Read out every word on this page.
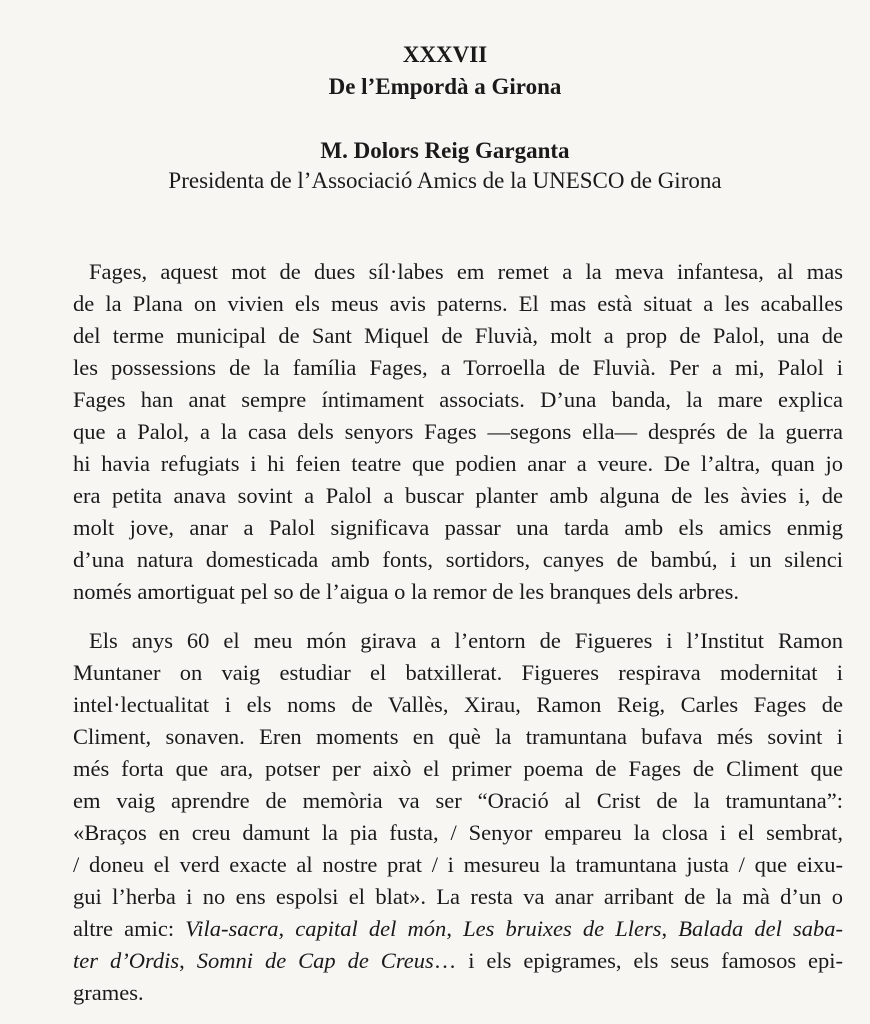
XXXVII
De l’Empordà a Girona
M. Dolors Reig Garganta
Presidenta de l’Associació Amics de la UNESCO de Girona
Fages, aquest mot de dues síl·labes em remet a la meva infantesa, al mas
de la Plana on vivien els meus avis paterns. El mas està situat a les acaballes
del terme municipal de Sant Miquel de Fluvià, molt a prop de Palol, una de
les possessions de la família Fages, a Torroella de Fluvià. Per a mi, Palol i
Fages han anat sempre íntimament associats. D’una banda, la mare explica
que a Palol, a la casa dels senyors Fages —segons ella— després de la guerra
hi havia refugiats i hi feien teatre que podien anar a veure. De l’altra, quan jo
era petita anava sovint a Palol a buscar planter amb alguna de les àvies i, de
molt jove, anar a Palol significava passar una tarda amb els amics enmig
d’una natura domesticada amb fonts, sortidors, canyes de bambú, i un silenci
només amortiguat pel so de l’aigua o la remor de les branques dels arbres.
Els anys 60 el meu món girava a l’entorn de Figueres i l’Institut Ramon
Muntaner on vaig estudiar el batxillerat. Figueres respirava modernitat i
intel·lectualitat i els noms de Vallès, Xirau, Ramon Reig, Carles Fages de
Climent, sonaven. Eren moments en què la tramuntana bufava més sovint i
més forta que ara, potser per això el primer poema de Fages de Climent que
em vaig aprendre de memòria va ser “Oració al Crist de la tramuntana”:
«Braços en creu damunt la pia fusta, / Senyor empareu la closa i el sembrat,
/ doneu el verd exacte al nostre prat / i mesureu la tramuntana justa / que eixu-
gui l’herba i no ens espolsi el blat». La resta va anar arribant de la mà d’un o
altre amic: Vila-sacra, capital del món, Les bruixes de Llers, Balada del saba-
ter d’Ordis, Somni de Cap de Creus… i els epigrames, els seus famosos epi-
grames.
